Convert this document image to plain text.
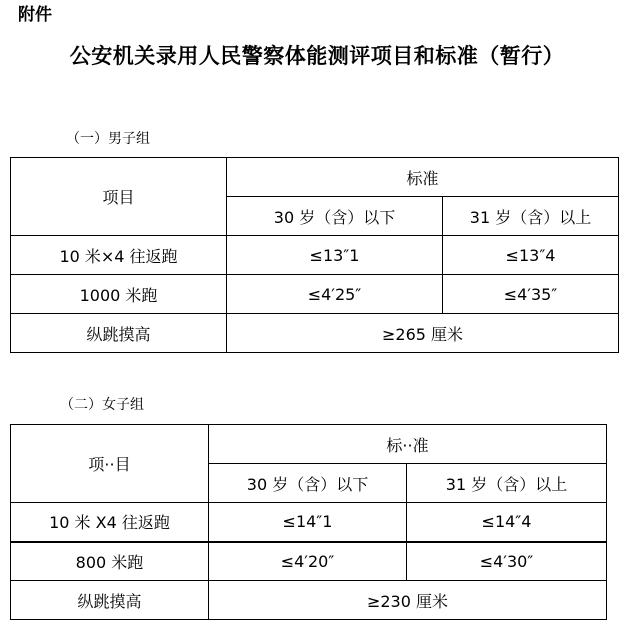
附件
公安机关录用人民警察体能测评项目和标准（暂行）
（一）男子组
项目	标准	
	30 岁（含）以下	31 岁（含）以上
10 米×4 往返跑	≤13″1	≤13″4
1000 米跑	≤4′25″	≤4′35″
纵跳摸高	≥265 厘米	
（二）女子组
项··目	标··准	
	30 岁（含）以下	31 岁（含）以上
10 米 X4 往返跑	≤14″1	≤14″4
800 米跑	≤4′20″	≤4′30″
纵跳摸高	≥230 厘米	
